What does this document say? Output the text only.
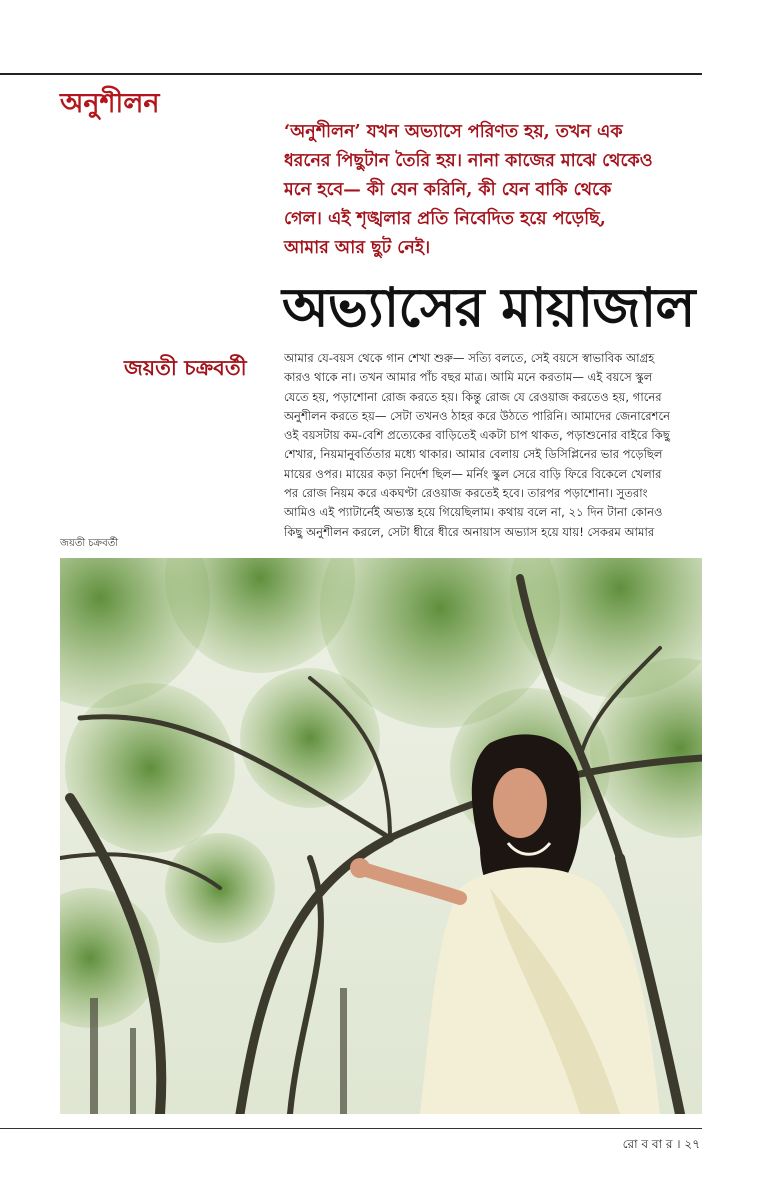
অনুশীলন

‘অনুশীলন’ যখন অভ্যাসে পরিণত হয়, তখন এক

ধরনের পিছুটান তৈরি হয়। নানা কাজের মাঝে থেকেও

মনে হবে— কী যেন করিনি, কী যেন বাকি থেকে

গেল। এই শৃঙ্খলার প্রতি নিবেদিত হয়ে পড়েছি,

আমার আর ছুট নেই।

অভ্যাসের মায়াজাল
জয়তী চক্রবর্তী	আমার যে-বয়স থেকে গান শেখা শুরু— সত্যি বলতে, সেই বয়সে স্বাভাবিক আগ্রহ

কারও থাকে না। তখন আমার পাঁচ বছর মাত্র। আমি মনে করতাম— এই বয়সে স্কুল

যেতে হয়, পড়াশোনা রোজ করতে হয়। কিন্তু রোজ যে রেওয়াজ করতেও হয়, গানের

অনুশীলন করতে হয়— সেটা তখনও ঠাহর করে উঠতে পারিনি। আমাদের জেনারেশনে

ওই বয়সটায় কম-বেশি প্রত্যেকের বাড়িতেই একটা চাপ থাকত, পড়াশুনোর বাইরে কিছু

শেখার, নিয়মানুবর্তিতার মধ্যে থাকার। আমার বেলায় সেই ডিসিপ্লিনের ভার পড়েছিল

মায়ের ওপর। মায়ের কড়া নির্দেশ ছিল— মর্নিং স্কুল সেরে বাড়ি ফিরে বিকেলে খেলার

পর রোজ নিয়ম করে একঘণ্টা রেওয়াজ করতেই হবে। তারপর পড়াশোনা। সুতরাং

আমিও এই প্যাটার্নেই অভ্যস্ত হয়ে গিয়েছিলাম। কথায় বলে না, ২১ দিন টানা কোনও

কিছু অনুশীলন করলে, সেটা ধীরে ধীরে অনায়াস অভ্যাস হয়ে যায়! সেকরম আমার

জয়তী চক্রবর্তী
রো ব বা র । ২৭
